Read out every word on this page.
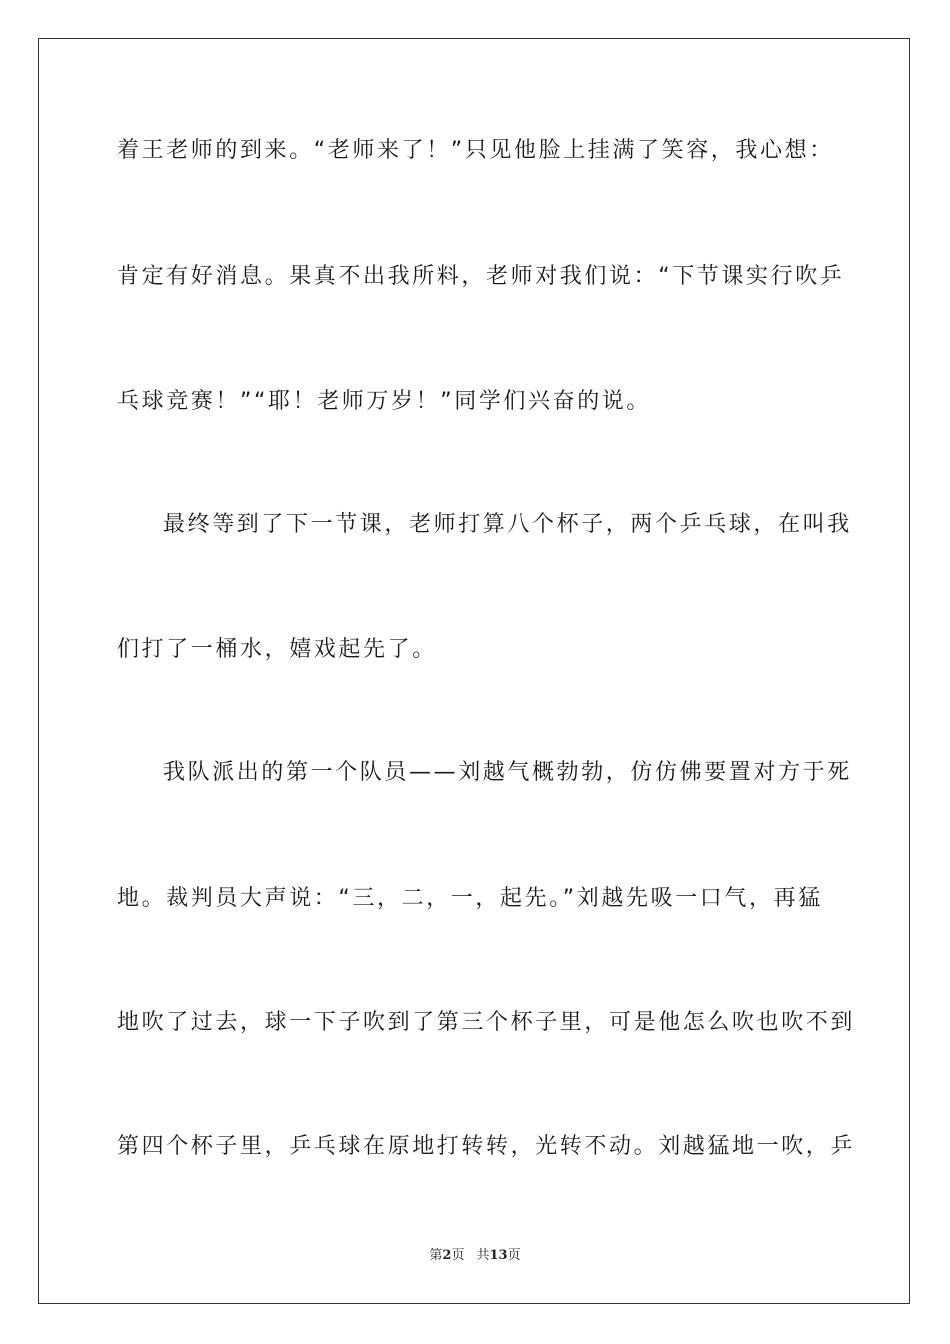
着王老师的到来。“老师来了！”只见他脸上挂满了笑容，我心想：
肯定有好消息。果真不出我所料，老师对我们说：“下节课实行吹乒
乓球竞赛！”“耶！老师万岁！”同学们兴奋的说。
最终等到了下一节课，老师打算八个杯子，两个乒乓球，在叫我
们打了一桶水，嬉戏起先了。
我队派出的第一个队员——刘越气概勃勃，仿仿佛要置对方于死
地。裁判员大声说：“三，二，一，起先。”刘越先吸一口气，再猛
地吹了过去，球一下子吹到了第三个杯子里，可是他怎么吹也吹不到
第四个杯子里，乒乓球在原地打转转，光转不动。刘越猛地一吹，乒
第2页 共13页
